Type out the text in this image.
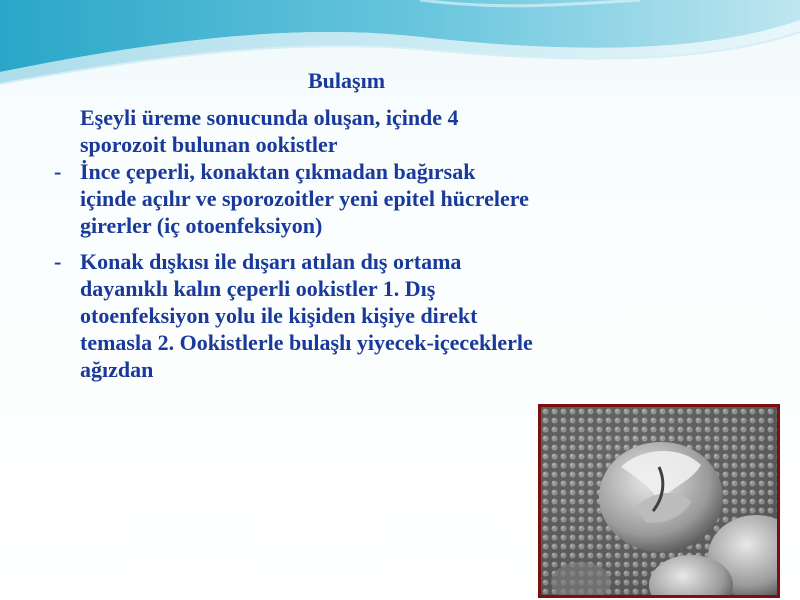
Bulaşım
Eşeyli üreme sonucunda oluşan, içinde 4
sporozoit bulunan ookistler
- İnce çeperli, konaktan çıkmadan bağırsak
içinde açılır ve sporozoitler yeni epitel hücrelere
girerler (iç otoenfeksiyon)
- Konak dışkısı ile dışarı atılan dış ortama
dayanıklı kalın çeperli ookistler 1. Dış
otoenfeksiyon yolu ile kişiden kişiye direkt
temasla 2. Ookistlerle bulaşlı yiyecek-içeceklerle
ağızdan
